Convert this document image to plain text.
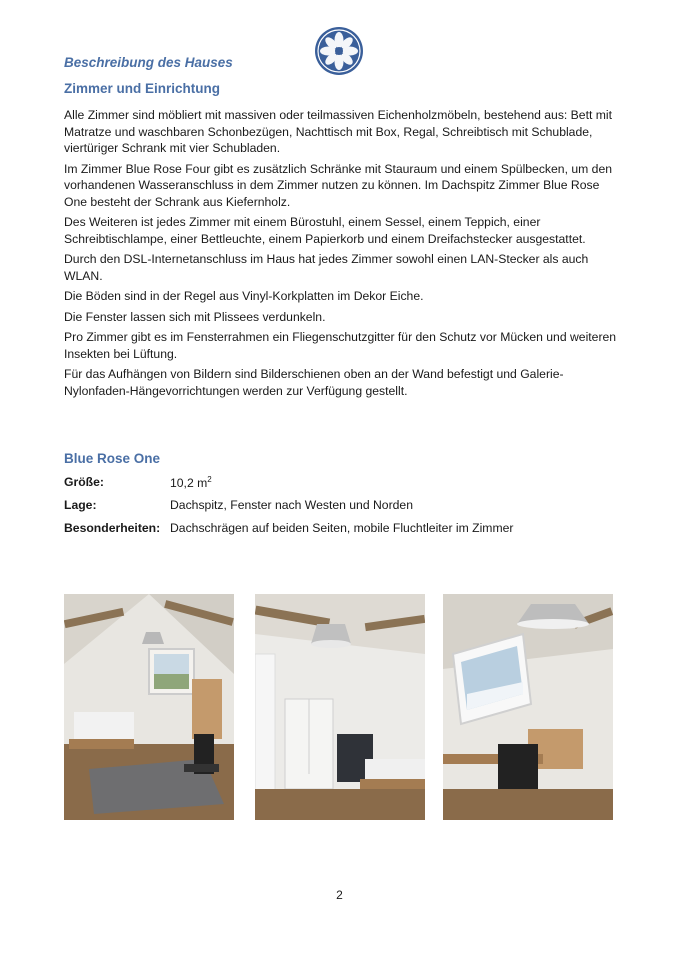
Beschreibung des Hauses
Zimmer und Einrichtung

Alle Zimmer sind möbliert mit massiven oder teilmassiven Eichenholzmöbeln, bestehend aus: Bett mit Matratze und waschbaren Schonbezügen, Nachttisch mit Box, Regal, Schreibtisch mit Schublade, viertüriger Schrank mit vier Schubladen.

Im Zimmer Blue Rose Four gibt es zusätzlich Schränke mit Stauraum und einem Spülbecken, um den vorhandenen Wasseranschluss in dem Zimmer nutzen zu können. Im Dachspitz Zimmer Blue Rose One besteht der Schrank aus Kiefernholz.

Des Weiteren ist jedes Zimmer mit einem Bürostuhl, einem Sessel, einem Teppich, einer Schreibtischlampe, einer Bettleuchte, einem Papierkorb und einem Dreifachstecker ausgestattet.

Durch den DSL-Internetanschluss im Haus hat jedes Zimmer sowohl einen LAN-Stecker als auch WLAN.

Die Böden sind in der Regel aus Vinyl-Korkplatten im Dekor Eiche.

Die Fenster lassen sich mit Plissees verdunkeln.

Pro Zimmer gibt es im Fensterrahmen ein Fliegenschutzgitter für den Schutz vor Mücken und weiteren Insekten bei Lüftung.

Für das Aufhängen von Bildern sind Bilderschienen oben an der Wand befestigt und Galerie-Nylonfaden-Hängevorrichtungen werden zur Verfügung gestellt.

Blue Rose One
Größe:	10,2 $m^2$
Lage:	Dachspitz, Fenster nach Westen und Norden
Besonderheiten: Dachschrägen auf beiden Seiten, mobile Fluchtleiter im Zimmer
2
